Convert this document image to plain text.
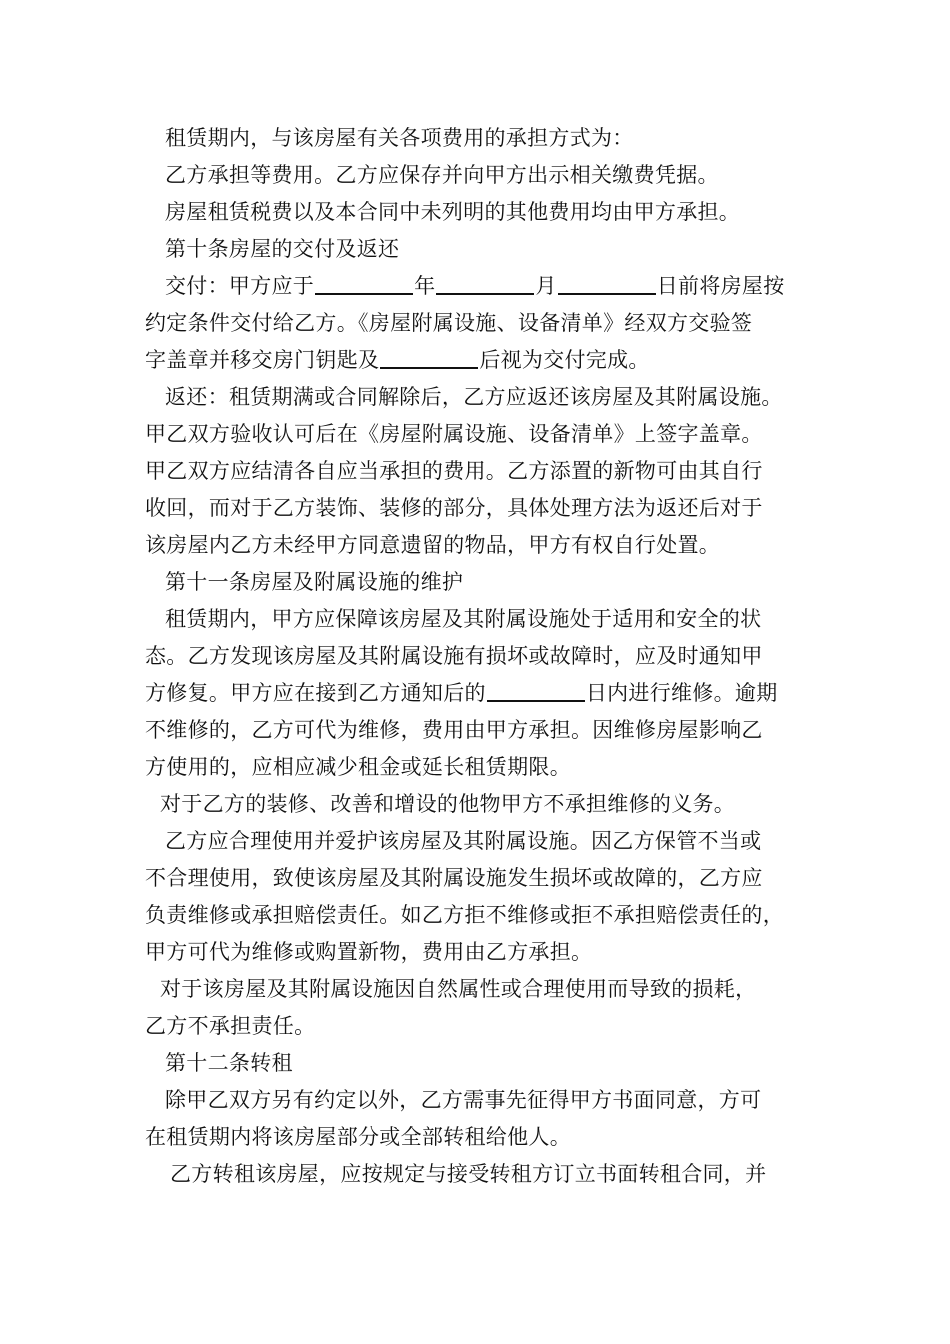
租赁期内，与该房屋有关各项费用的承担方式为：
乙方承担等费用。乙方应保存并向甲方出示相关缴费凭据。
房屋租赁税费以及本合同中未列明的其他费用均由甲方承担。
第十条房屋的交付及返还
交付：甲方应于	年	月	日前将房屋按
约定条件交付给乙方。《房屋附属设施、设备清单》经双方交验签
字盖章并移交房门钥匙及	后视为交付完成。
返还：租赁期满或合同解除后，乙方应返还该房屋及其附属设施。
甲乙双方验收认可后在《房屋附属设施、设备清单》上签字盖章。
甲乙双方应结清各自应当承担的费用。乙方添置的新物可由其自行
收回，而对于乙方装饰、装修的部分，具体处理方法为返还后对于
该房屋内乙方未经甲方同意遗留的物品，甲方有权自行处置。
第十一条房屋及附属设施的维护
租赁期内，甲方应保障该房屋及其附属设施处于适用和安全的状
态。乙方发现该房屋及其附属设施有损坏或故障时，应及时通知甲
方修复。甲方应在接到乙方通知后的	日内进行维修。逾期
不维修的，乙方可代为维修，费用由甲方承担。因维修房屋影响乙
方使用的，应相应减少租金或延长租赁期限。
对于乙方的装修、改善和增设的他物甲方不承担维修的义务。
乙方应合理使用并爱护该房屋及其附属设施。因乙方保管不当或
不合理使用，致使该房屋及其附属设施发生损坏或故障的，乙方应
负责维修或承担赔偿责任。如乙方拒不维修或拒不承担赔偿责任的，
甲方可代为维修或购置新物，费用由乙方承担。
对于该房屋及其附属设施因自然属性或合理使用而导致的损耗，
乙方不承担责任。
第十二条转租
除甲乙双方另有约定以外，乙方需事先征得甲方书面同意，方可
在租赁期内将该房屋部分或全部转租给他人。
乙方转租该房屋，应按规定与接受转租方订立书面转租合同，并
